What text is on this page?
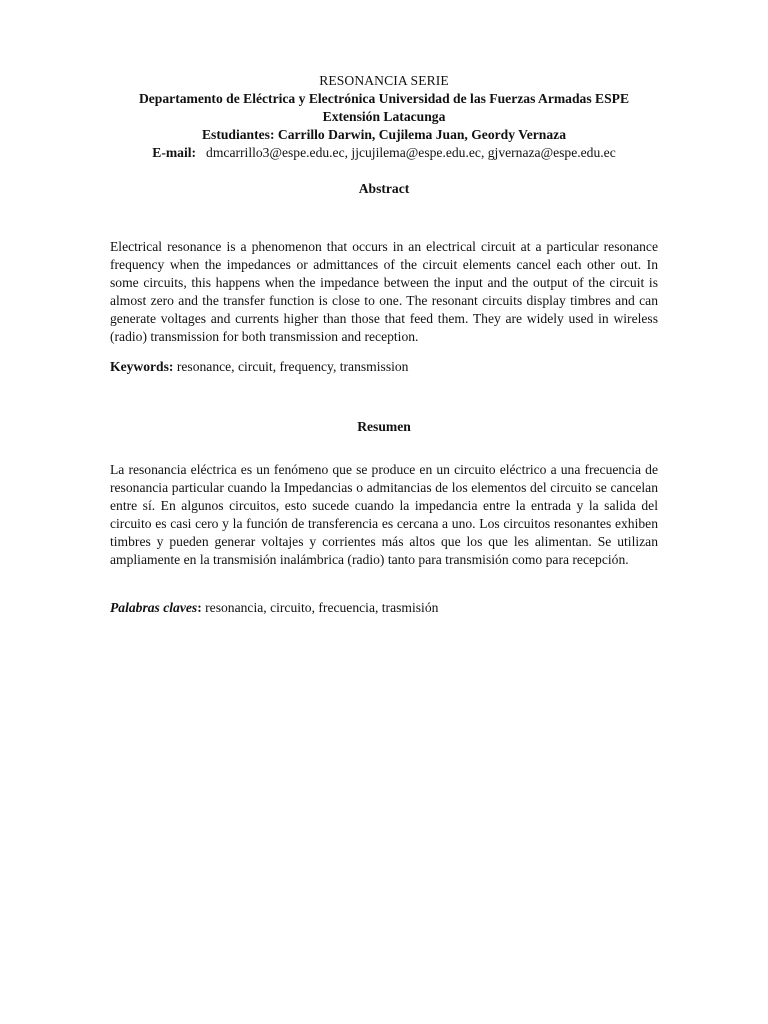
RESONANCIA SERIE
Departamento de Eléctrica y Electrónica Universidad de las Fuerzas Armadas ESPE
Extensión Latacunga
Estudiantes: Carrillo Darwin, Cujilema Juan, Geordy Vernaza
E-mail: dmcarrillo3@espe.edu.ec, jjcujilema@espe.edu.ec, gjvernaza@espe.edu.ec
Abstract
Electrical resonance is a phenomenon that occurs in an electrical circuit at a particular resonance frequency when the impedances or admittances of the circuit elements cancel each other out. In some circuits, this happens when the impedance between the input and the output of the circuit is almost zero and the transfer function is close to one. The resonant circuits display timbres and can generate voltages and currents higher than those that feed them. They are widely used in wireless (radio) transmission for both transmission and reception.
Keywords: resonance, circuit, frequency, transmission
Resumen
La resonancia eléctrica es un fenómeno que se produce en un circuito eléctrico a una frecuencia de resonancia particular cuando la Impedancias o admitancias de los elementos del circuito se cancelan entre sí. En algunos circuitos, esto sucede cuando la impedancia entre la entrada y la salida del circuito es casi cero y la función de transferencia es cercana a uno. Los circuitos resonantes exhiben timbres y pueden generar voltajes y corrientes más altos que los que les alimentan. Se utilizan ampliamente en la transmisión inalámbrica (radio) tanto para transmisión como para recepción.
Palabras claves: resonancia, circuito, frecuencia, trasmisión
